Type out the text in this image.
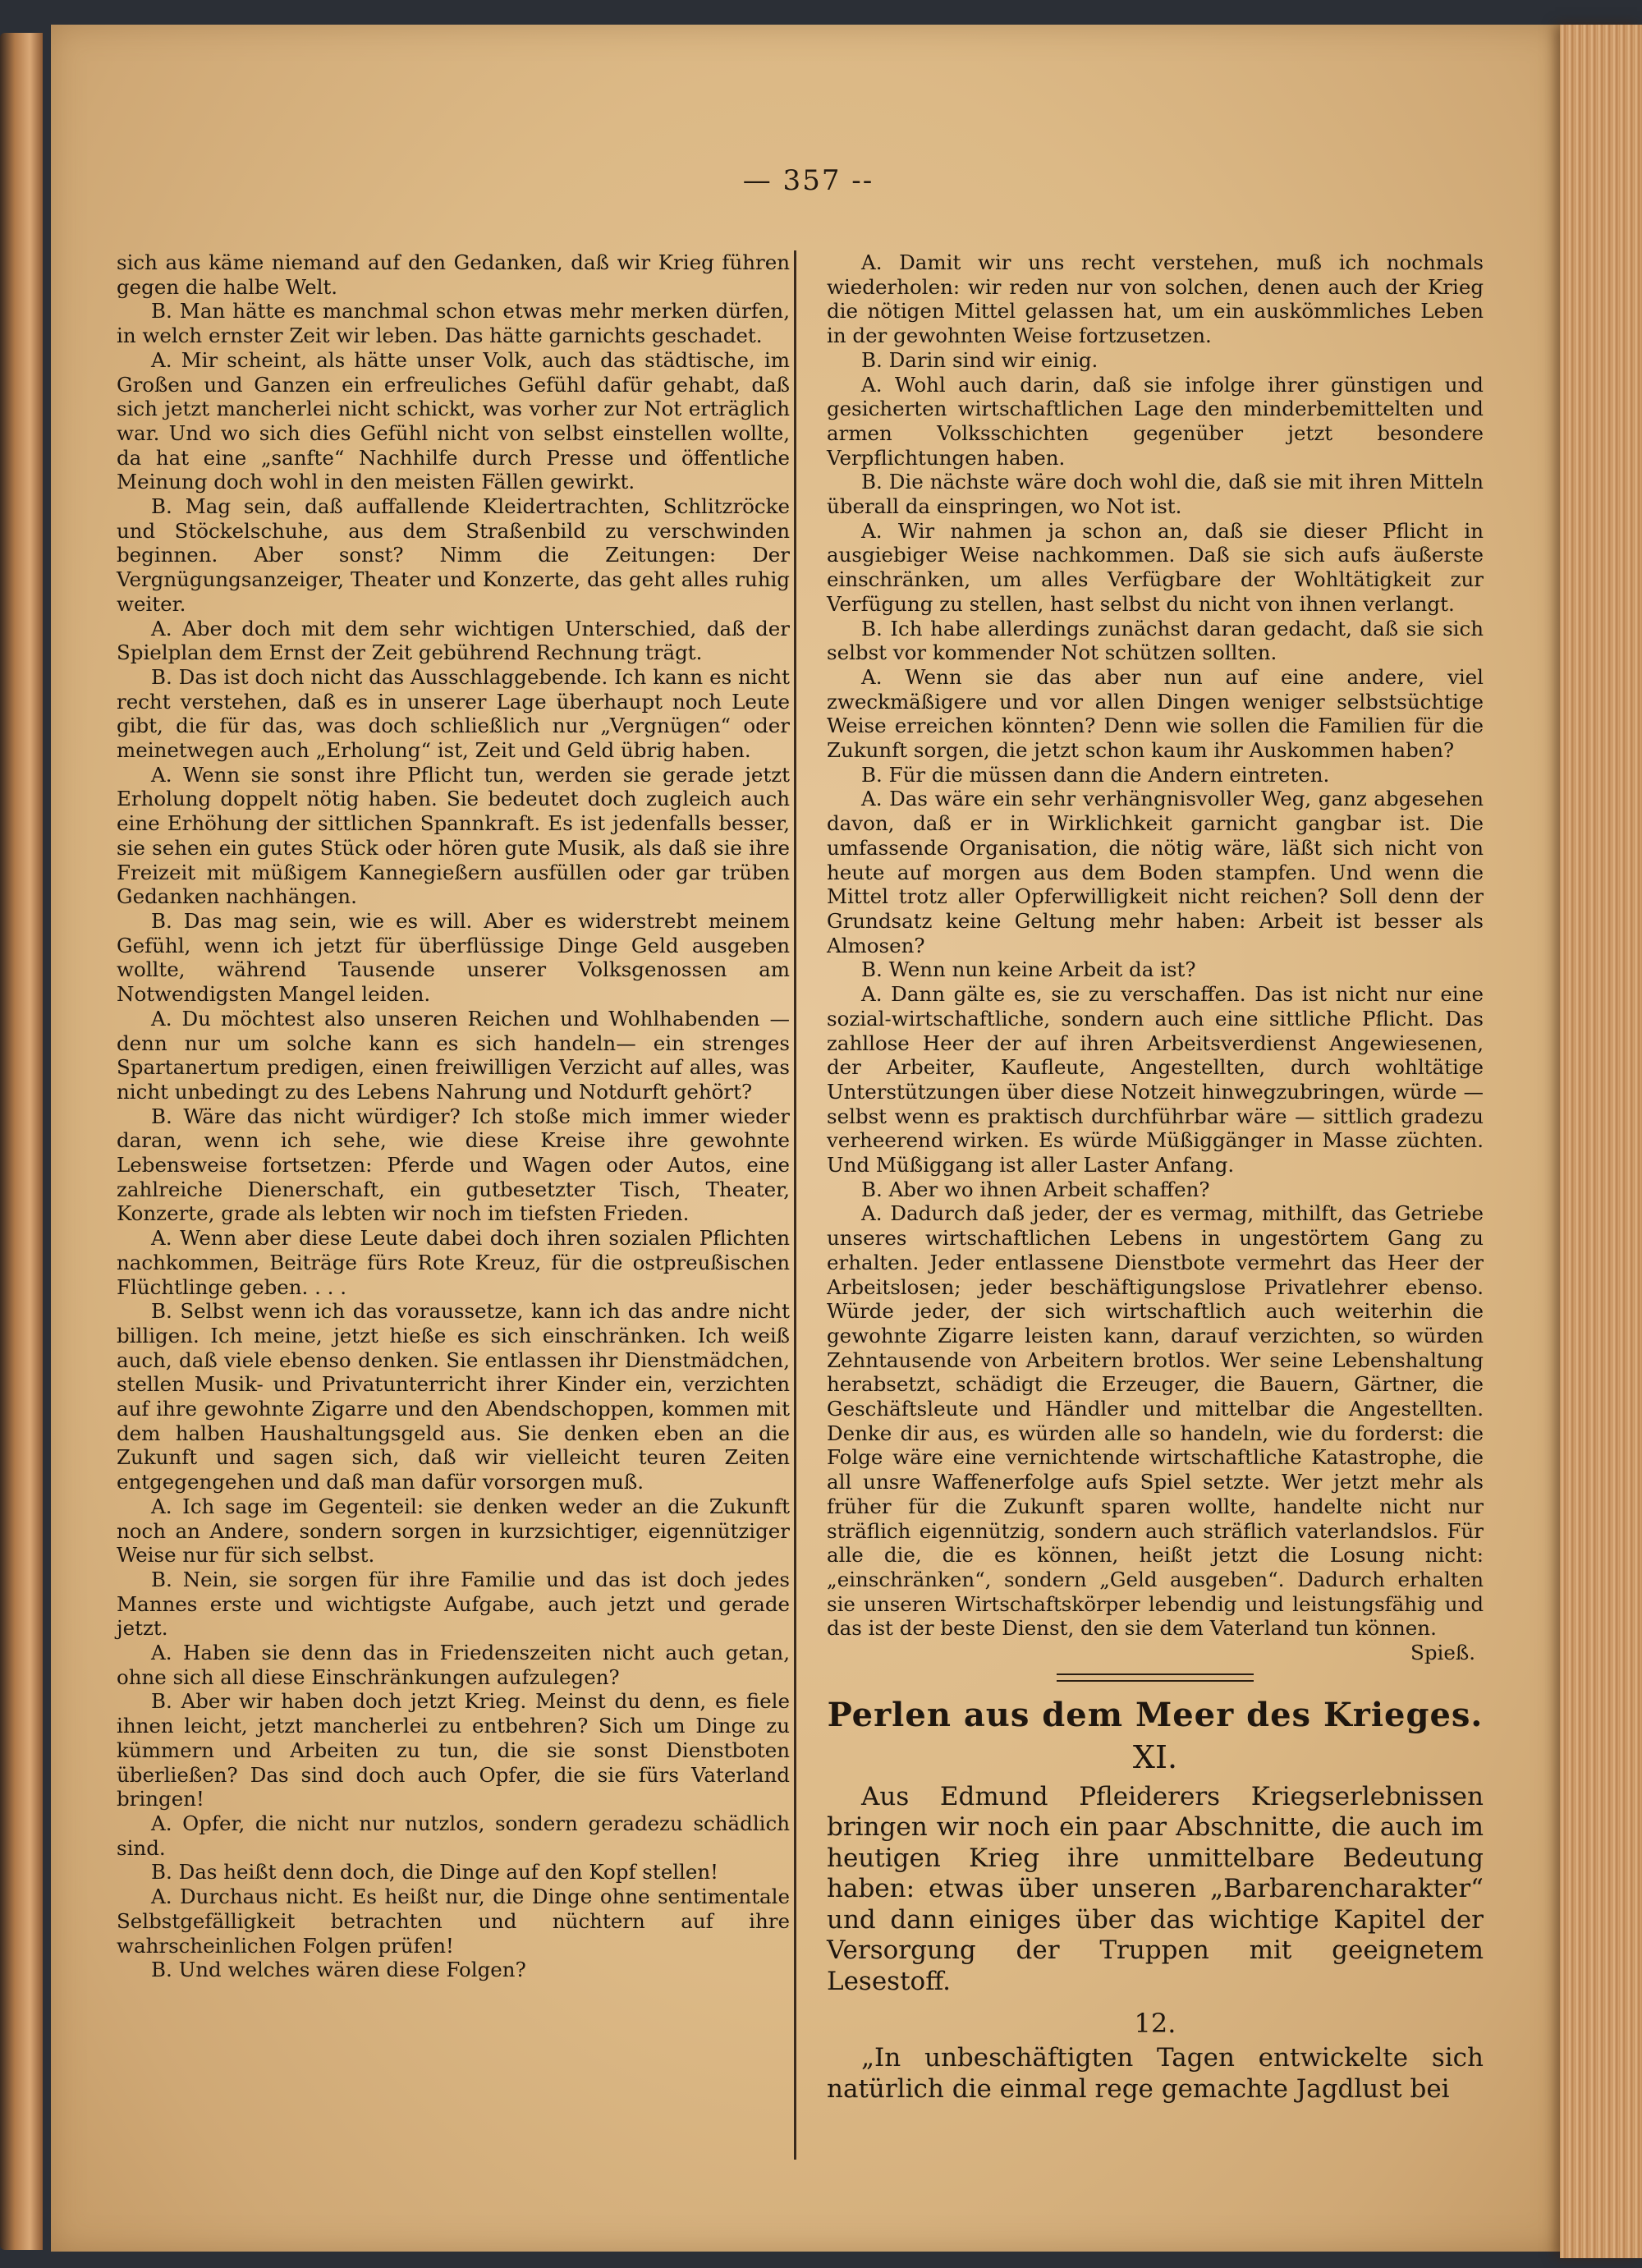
— 357 --

sich aus käme niemand auf den Gedanken, daß wir Krieg führen gegen die halbe Welt.

B. Man hätte es manchmal schon etwas mehr merken dürfen, in welch ernster Zeit wir leben. Das hätte garnichts geschadet.

A. Mir scheint, als hätte unser Volk, auch das städtische, im Großen und Ganzen ein erfreuliches Gefühl dafür gehabt, daß sich jetzt mancherlei nicht schickt, was vorher zur Not erträglich war. Und wo sich dies Gefühl nicht von selbst einstellen wollte, da hat eine „sanfte“ Nachhilfe durch Presse und öffentliche Meinung doch wohl in den meisten Fällen gewirkt.

B. Mag sein, daß auffallende Kleidertrachten, Schlitzröcke und Stöckelschuhe, aus dem Straßenbild zu verschwinden beginnen. Aber sonst? Nimm die Zeitungen: Der Vergnügungsanzeiger, Theater und Konzerte, das geht alles ruhig weiter.

A. Aber doch mit dem sehr wichtigen Unterschied, daß der Spielplan dem Ernst der Zeit gebührend Rechnung trägt.

B. Das ist doch nicht das Ausschlaggebende. Ich kann es nicht recht verstehen, daß es in unserer Lage überhaupt noch Leute gibt, die für das, was doch schließlich nur „Vergnügen“ oder meinetwegen auch „Erholung“ ist, Zeit und Geld übrig haben.

A. Wenn sie sonst ihre Pflicht tun, werden sie gerade jetzt Erholung doppelt nötig haben. Sie bedeutet doch zugleich auch eine Erhöhung der sittlichen Spannkraft. Es ist jedenfalls besser, sie sehen ein gutes Stück oder hören gute Musik, als daß sie ihre Freizeit mit müßigem Kannegießern ausfüllen oder gar trüben Gedanken nachhängen.

B. Das mag sein, wie es will. Aber es widerstrebt meinem Gefühl, wenn ich jetzt für überflüssige Dinge Geld ausgeben wollte, während Tausende unserer Volksgenossen am Notwendigsten Mangel leiden.

A. Du möchtest also unseren Reichen und Wohlhabenden —denn nur um solche kann es sich handeln— ein strenges Spartanertum predigen, einen freiwilligen Verzicht auf alles, was nicht unbedingt zu des Lebens Nahrung und Notdurft gehört?

B. Wäre das nicht würdiger? Ich stoße mich immer wieder daran, wenn ich sehe, wie diese Kreise ihre gewohnte Lebensweise fortsetzen: Pferde und Wagen oder Autos, eine zahlreiche Dienerschaft, ein gutbesetzter Tisch, Theater, Konzerte, grade als lebten wir noch im tiefsten Frieden.

A. Wenn aber diese Leute dabei doch ihren sozialen Pflichten nachkommen, Beiträge fürs Rote Kreuz, für die ostpreußischen Flüchtlinge geben. . . .

B. Selbst wenn ich das voraussetze, kann ich das andre nicht billigen. Ich meine, jetzt hieße es sich einschränken. Ich weiß auch, daß viele ebenso denken. Sie entlassen ihr Dienstmädchen, stellen Musik- und Privatunterricht ihrer Kinder ein, verzichten auf ihre gewohnte Zigarre und den Abendschoppen, kommen mit dem halben Haushaltungsgeld aus. Sie denken eben an die Zukunft und sagen sich, daß wir vielleicht teuren Zeiten entgegengehen und daß man dafür vorsorgen muß.

A. Ich sage im Gegenteil: sie denken weder an die Zukunft noch an Andere, sondern sorgen in kurzsichtiger, eigennütziger Weise nur für sich selbst.

B. Nein, sie sorgen für ihre Familie und das ist doch jedes Mannes erste und wichtigste Aufgabe, auch jetzt und gerade jetzt.

A. Haben sie denn das in Friedenszeiten nicht auch getan, ohne sich all diese Einschränkungen aufzulegen?

B. Aber wir haben doch jetzt Krieg. Meinst du denn, es fiele ihnen leicht, jetzt mancherlei zu entbehren? Sich um Dinge zu kümmern und Arbeiten zu tun, die sie sonst Dienstboten überließen? Das sind doch auch Opfer, die sie fürs Vaterland bringen!

A. Opfer, die nicht nur nutzlos, sondern geradezu schädlich sind.

B. Das heißt denn doch, die Dinge auf den Kopf stellen!

A. Durchaus nicht. Es heißt nur, die Dinge ohne sentimentale Selbstgefälligkeit betrachten und nüchtern auf ihre wahrscheinlichen Folgen prüfen!

B. Und welches wären diese Folgen?

A. Damit wir uns recht verstehen, muß ich nochmals wiederholen: wir reden nur von solchen, denen auch der Krieg die nötigen Mittel gelassen hat, um ein auskömmliches Leben in der gewohnten Weise fortzusetzen.

B. Darin sind wir einig.

A. Wohl auch darin, daß sie infolge ihrer günstigen und gesicherten wirtschaftlichen Lage den minderbemittelten und armen Volksschichten gegenüber jetzt besondere Verpflichtungen haben.

B. Die nächste wäre doch wohl die, daß sie mit ihren Mitteln überall da einspringen, wo Not ist.

A. Wir nahmen ja schon an, daß sie dieser Pflicht in ausgiebiger Weise nachkommen. Daß sie sich aufs äußerste einschränken, um alles Verfügbare der Wohltätigkeit zur Verfügung zu stellen, hast selbst du nicht von ihnen verlangt.

B. Ich habe allerdings zunächst daran gedacht, daß sie sich selbst vor kommender Not schützen sollten.

A. Wenn sie das aber nun auf eine andere, viel zweckmäßigere und vor allen Dingen weniger selbstsüchtige Weise erreichen könnten? Denn wie sollen die Familien für die Zukunft sorgen, die jetzt schon kaum ihr Auskommen haben?

B. Für die müssen dann die Andern eintreten.

A. Das wäre ein sehr verhängnisvoller Weg, ganz abgesehen davon, daß er in Wirklichkeit garnicht gangbar ist. Die umfassende Organisation, die nötig wäre, läßt sich nicht von heute auf morgen aus dem Boden stampfen. Und wenn die Mittel trotz aller Opferwilligkeit nicht reichen? Soll denn der Grundsatz keine Geltung mehr haben: Arbeit ist besser als Almosen?

B. Wenn nun keine Arbeit da ist?

A. Dann gälte es, sie zu verschaffen. Das ist nicht nur eine sozial-wirtschaftliche, sondern auch eine sittliche Pflicht. Das zahllose Heer der auf ihren Arbeitsverdienst Angewiesenen, der Arbeiter, Kaufleute, Angestellten, durch wohltätige Unterstützungen über diese Notzeit hinwegzubringen, würde — selbst wenn es praktisch durchführbar wäre — sittlich gradezu verheerend wirken. Es würde Müßiggänger in Masse züchten. Und Müßiggang ist aller Laster Anfang.

B. Aber wo ihnen Arbeit schaffen?

A. Dadurch daß jeder, der es vermag, mithilft, das Getriebe unseres wirtschaftlichen Lebens in ungestörtem Gang zu erhalten. Jeder entlassene Dienstbote vermehrt das Heer der Arbeitslosen; jeder beschäftigungslose Privatlehrer ebenso. Würde jeder, der sich wirtschaftlich auch weiterhin die gewohnte Zigarre leisten kann, darauf verzichten, so würden Zehntausende von Arbeitern brotlos. Wer seine Lebenshaltung herabsetzt, schädigt die Erzeuger, die Bauern, Gärtner, die Geschäftsleute und Händler und mittelbar die Angestellten. Denke dir aus, es würden alle so handeln, wie du forderst: die Folge wäre eine vernichtende wirtschaftliche Katastrophe, die all unsre Waffenerfolge aufs Spiel setzte. Wer jetzt mehr als früher für die Zukunft sparen wollte, handelte nicht nur sträflich eigennützig, sondern auch sträflich vaterlandslos. Für alle die, die es können, heißt jetzt die Losung nicht: „einschränken“, sondern „Geld ausgeben“. Dadurch erhalten sie unseren Wirtschaftskörper lebendig und leistungsfähig und das ist der beste Dienst, den sie dem Vaterland tun können.

Spieß.

Perlen aus dem Meer des Krieges.
XI.

Aus Edmund Pfleiderers Kriegserlebnissen bringen wir noch ein paar Abschnitte, die auch im heutigen Krieg ihre unmittelbare Bedeutung haben: etwas über unseren „Barbarencharakter“ und dann einiges über das wichtige Kapitel der Versorgung der Truppen mit geeignetem Lesestoff.

12.

„In unbeschäftigten Tagen entwickelte sich natürlich die einmal rege gemachte Jagdlust bei
